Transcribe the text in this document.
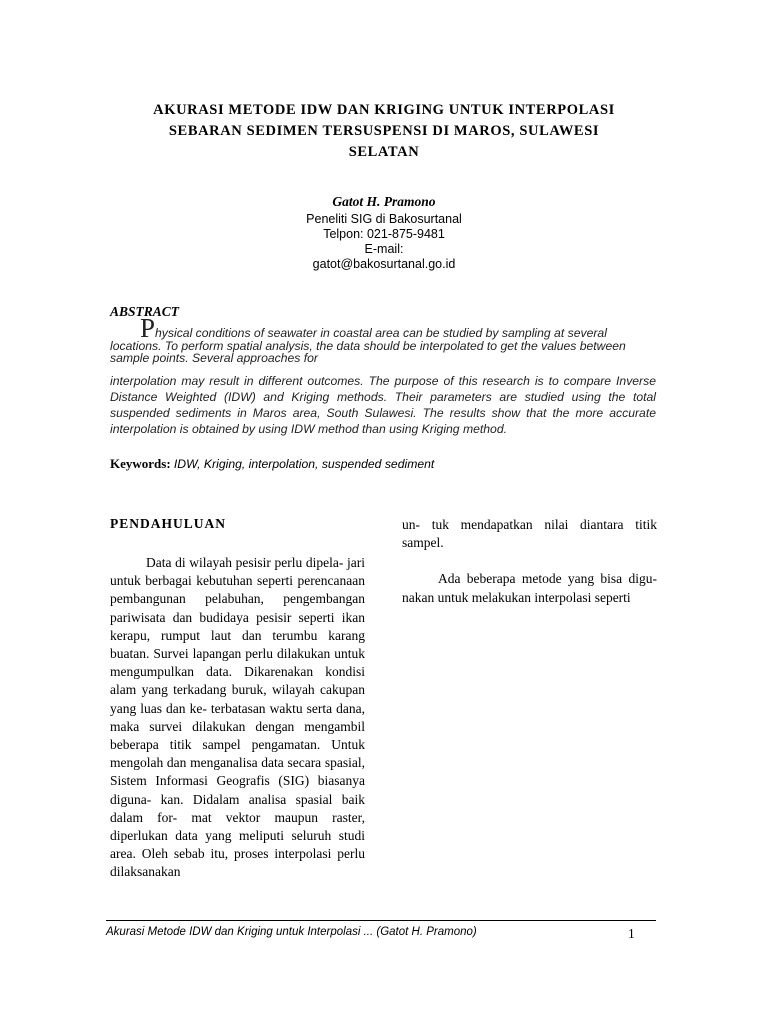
AKURASI METODE IDW DAN KRIGING UNTUK INTERPOLASI
SEBARAN SEDIMEN TERSUSPENSI DI MAROS, SULAWESI
SELATAN
Gatot H. Pramono
Peneliti SIG di Bakosurtanal
Telpon: 021-875-9481
E-mail:
gatot@bakosurtanal.go.id
ABSTRACT
Physical conditions of seawater in coastal area can be studied by sampling at several locations. To perform spatial analysis, the data should be interpolated to get the values between sample points. Several approaches for
interpolation may result in different outcomes. The purpose of this research is to compare Inverse Distance Weighted (IDW) and Kriging methods. Their parameters are studied using the total suspended sediments in Maros area, South Sulawesi. The results show that the more accurate interpolation is obtained by using IDW method than using Kriging method.
Keywords: IDW, Kriging, interpolation, suspended sediment
PENDAHULUAN

Data di wilayah pesisir perlu dipela- jari untuk berbagai kebutuhan seperti perencanaan pembangunan pelabuhan, pengembangan pariwisata dan budidaya pesisir seperti ikan kerapu, rumput laut dan terumbu karang buatan. Survei lapangan perlu dilakukan untuk mengumpulkan data. Dikarenakan kondisi alam yang terkadang buruk, wilayah cakupan yang luas dan ke- terbatasan waktu serta dana, maka survei dilakukan dengan mengambil beberapa titik sampel pengamatan. Untuk mengolah dan menganalisa data secara spasial, Sistem Informasi Geografis (SIG) biasanya diguna- kan. Didalam analisa spasial baik dalam for- mat vektor maupun raster, diperlukan data yang meliputi seluruh studi area. Oleh sebab itu, proses interpolasi perlu dilaksanakan

un- tuk mendapatkan nilai diantara titik sampel.

Ada beberapa metode yang bisa digu- nakan untuk melakukan interpolasi seperti

Akurasi Metode IDW dan Kriging untuk Interpolasi ... (Gatot H. Pramono)	1
